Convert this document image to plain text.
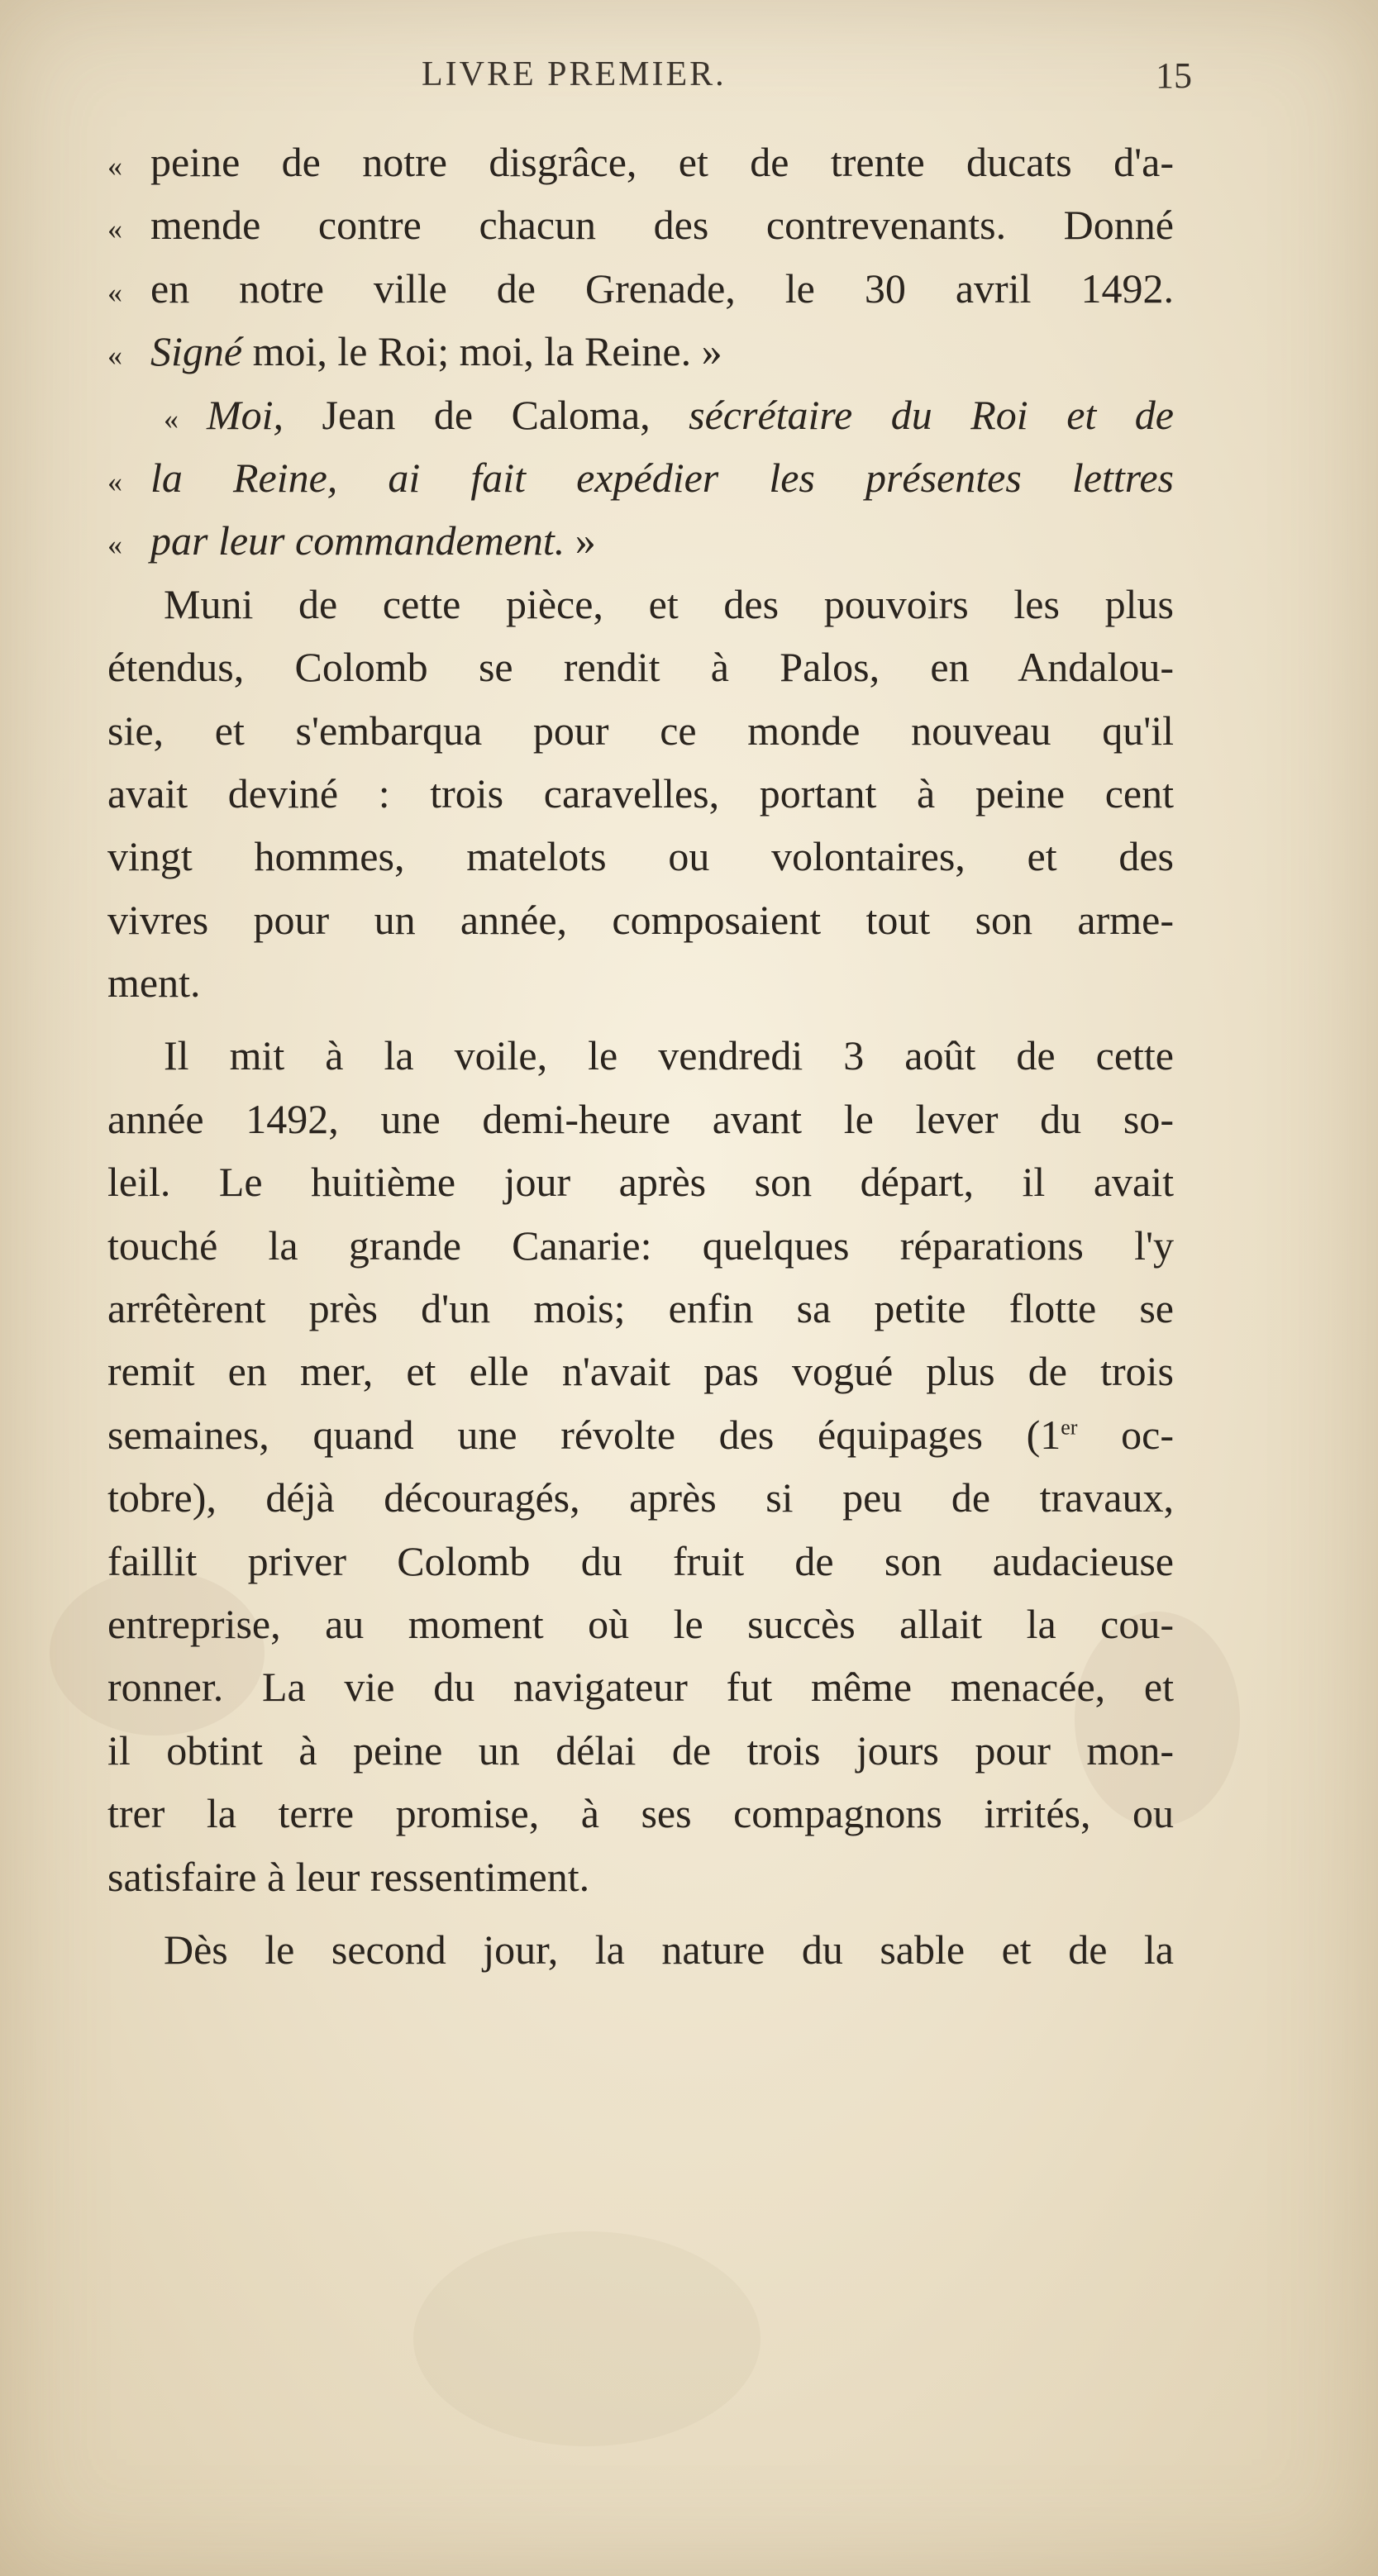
LIVRE PREMIER.	15
« peine de notre disgrâce, et de trente ducats d'a-
« mende contre chacun des contrevenants. Donné
« en notre ville de Grenade, le 30 avril 1492.
« Signé moi, le Roi; moi, la Reine. »
« Moi, Jean de Caloma, sécrétaire du Roi et de
« la Reine, ai fait expédier les présentes lettres
« par leur commandement. »
Muni de cette pièce, et des pouvoirs les plus
étendus, Colomb se rendit à Palos, en Andalou-
sie, et s'embarqua pour ce monde nouveau qu'il
avait deviné : trois caravelles, portant à peine cent
vingt hommes, matelots ou volontaires, et des
vivres pour un année, composaient tout son arme-
ment.
Il mit à la voile, le vendredi 3 août de cette
année 1492, une demi-heure avant le lever du so-
leil. Le huitième jour après son départ, il avait
touché la grande Canarie: quelques réparations l'y
arrêtèrent près d'un mois; enfin sa petite flotte se
remit en mer, et elle n'avait pas vogué plus de trois
semaines, quand une révolte des équipages (1er oc-
tobre), déjà découragés, après si peu de travaux,
faillit priver Colomb du fruit de son audacieuse
entreprise, au moment où le succès allait la cou-
ronner. La vie du navigateur fut même menacée, et
il obtint à peine un délai de trois jours pour mon-
trer la terre promise, à ses compagnons irrités, ou
satisfaire à leur ressentiment.
Dès le second jour, la nature du sable et de la
